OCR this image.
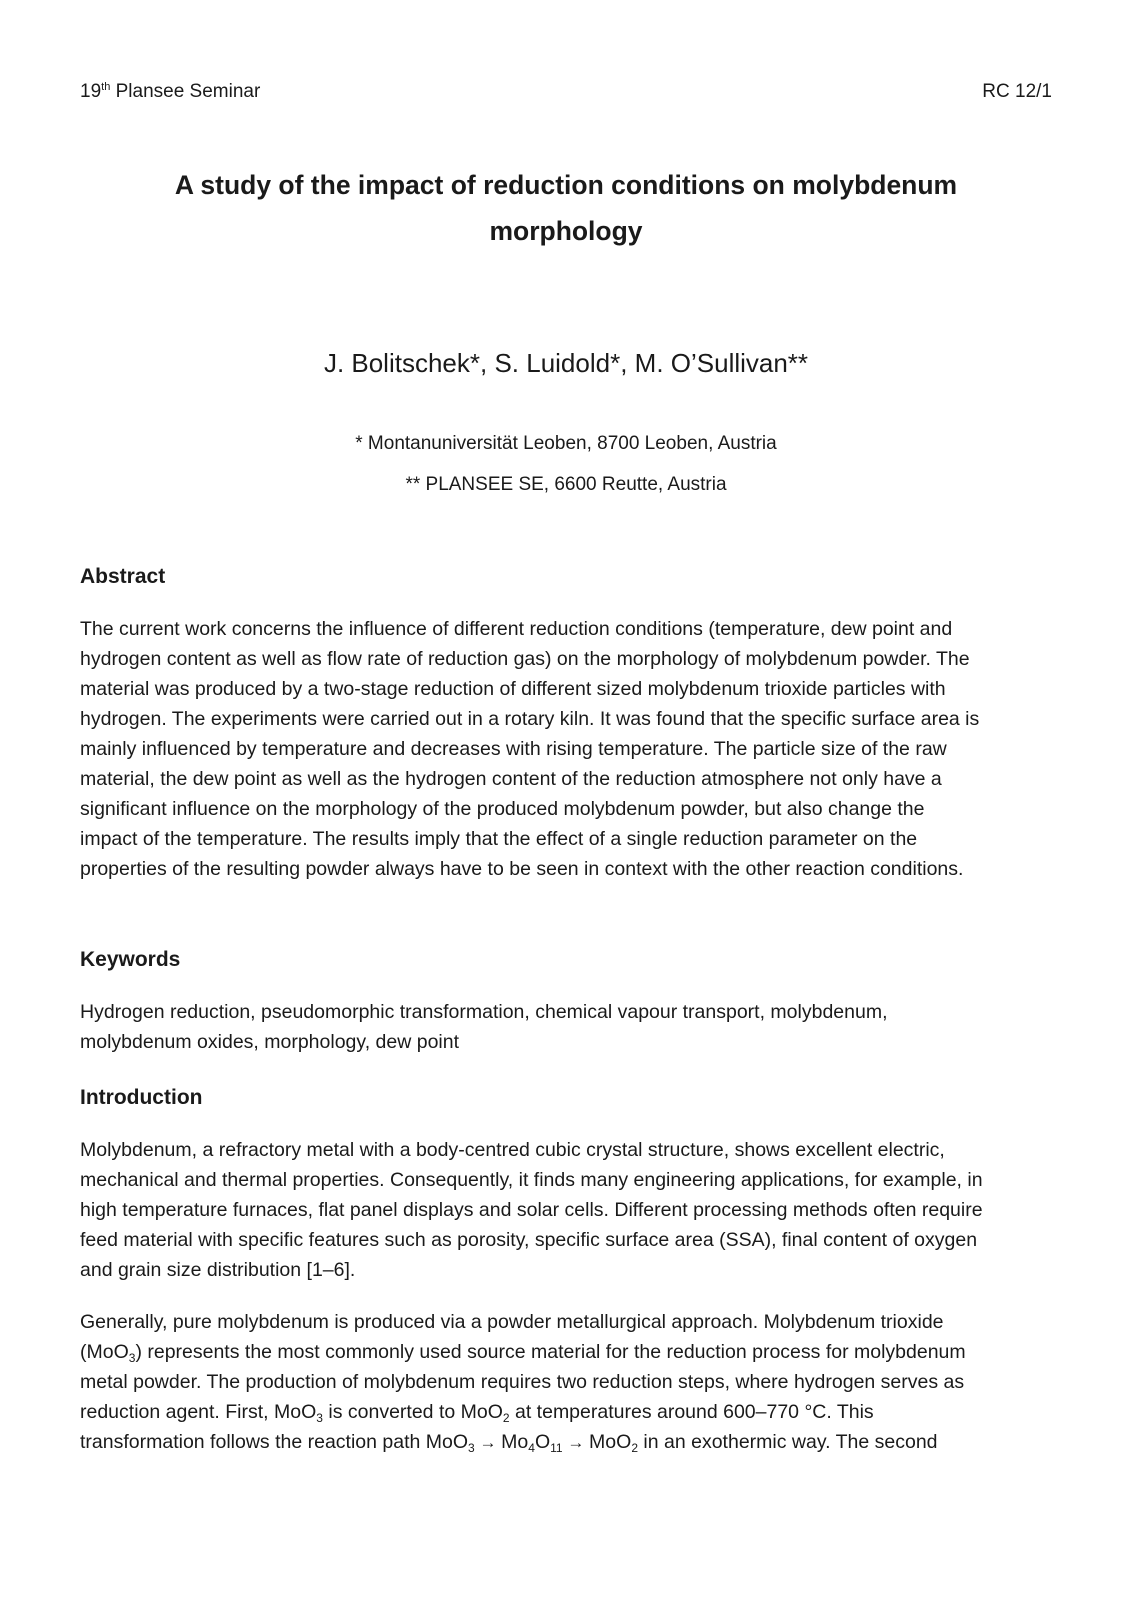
19th Plansee Seminar	RC 12/1
A study of the impact of reduction conditions on molybdenum
morphology
J. Bolitschek*, S. Luidold*, M. O’Sullivan**
* Montanuniversität Leoben, 8700 Leoben, Austria
** PLANSEE SE, 6600 Reutte, Austria
Abstract
The current work concerns the influence of different reduction conditions (temperature, dew point and
hydrogen content as well as flow rate of reduction gas) on the morphology of molybdenum powder. The
material was produced by a two-stage reduction of different sized molybdenum trioxide particles with
hydrogen. The experiments were carried out in a rotary kiln. It was found that the specific surface area is
mainly influenced by temperature and decreases with rising temperature. The particle size of the raw
material, the dew point as well as the hydrogen content of the reduction atmosphere not only have a
significant influence on the morphology of the produced molybdenum powder, but also change the
impact of the temperature. The results imply that the effect of a single reduction parameter on the
properties of the resulting powder always have to be seen in context with the other reaction conditions.
Keywords
Hydrogen reduction, pseudomorphic transformation, chemical vapour transport, molybdenum,
molybdenum oxides, morphology, dew point
Introduction
Molybdenum, a refractory metal with a body-centred cubic crystal structure, shows excellent electric,
mechanical and thermal properties. Consequently, it finds many engineering applications, for example, in
high temperature furnaces, flat panel displays and solar cells. Different processing methods often require
feed material with specific features such as porosity, specific surface area (SSA), final content of oxygen
and grain size distribution [1–6].
Generally, pure molybdenum is produced via a powder metallurgical approach. Molybdenum trioxide
(MoO$_3$) represents the most commonly used source material for the reduction process for molybdenum
metal powder. The production of molybdenum requires two reduction steps, where hydrogen serves as
reduction agent. First, MoO$_3$ is converted to MoO$_2$ at temperatures around 600–770 °C. This
transformation follows the reaction path $MoO_3 \to Mo_4O_{11} \to MoO_2$ in an exothermic way. The second
